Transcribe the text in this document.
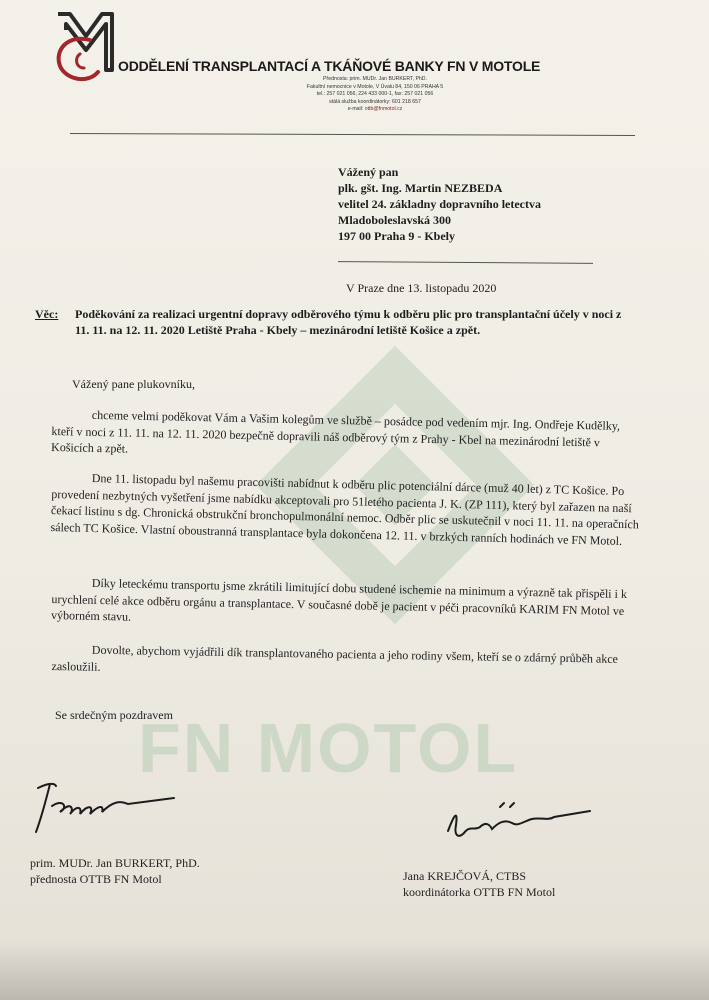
FN MOTOL
ODDĚLENÍ TRANSPLANTACÍ A TKÁŇOVÉ BANKY FN V MOTOLE
Přednosta: prim. MUDr. Jan BURKERT, PhD.
Fakultní nemocnice v Motole, V Úvalu 84, 150 06 PRAHA 5
tel.: 257 021 056, 224 433 000-1, fax: 257 021 056
stálá služba koordinátorky: 601 218 657
e-mail: ottb@fnmotol.cz
Vážený pan
plk. gšt. Ing. Martin NEZBEDA
velitel 24. základny dopravního letectva
Mladoboleslavská 300
197 00 Praha 9 - Kbely
V Praze dne 13. listopadu 2020
Věc: Poděkování za realizaci urgentní dopravy odběrového týmu k odběru plic pro transplantační účely v noci z 11. 11. na 12. 11. 2020 Letiště Praha - Kbely – mezinárodní letiště Košice a zpět.
Vážený pane plukovníku,

chceme velmi poděkovat Vám a Vašim kolegům ve službě – posádce pod vedením mjr. Ing. Ondřeje Kudělky, kteří v noci z 11. 11. na 12. 11. 2020 bezpečně dopravili náš odběrový tým z Prahy - Kbel na mezinárodní letiště v Košicích a zpět.

Dne 11. listopadu byl našemu pracovišti nabídnut k odběru plic potenciální dárce (muž 40 let) z TC Košice. Po provedení nezbytných vyšetření jsme nabídku akceptovali pro 51letého pacienta J. K. (ZP 111), který byl zařazen na naší čekací listinu s dg. Chronická obstrukční bronchopulmonální nemoc. Odběr plic se uskutečnil v noci 11. 11. na operačních sálech TC Košice. Vlastní oboustranná transplantace byla dokončena 12. 11. v brzkých ranních hodinách ve FN Motol.

Díky leteckému transportu jsme zkrátili limitující dobu studené ischemie na minimum a výrazně tak přispěli i k urychlení celé akce odběru orgánu a transplantace. V současné době je pacient v péči pracovníků KARIM FN Motol ve výborném stavu.

Dovolte, abychom vyjádřili dík transplantovaného pacienta a jeho rodiny všem, kteří se o zdárný průběh akce zasloužili.

Se srdečným pozdravem
prim. MUDr. Jan BURKERT, PhD.
přednosta OTTB FN Motol	Jana KREJČOVÁ, CTBS
koordinátorka OTTB FN Motol
